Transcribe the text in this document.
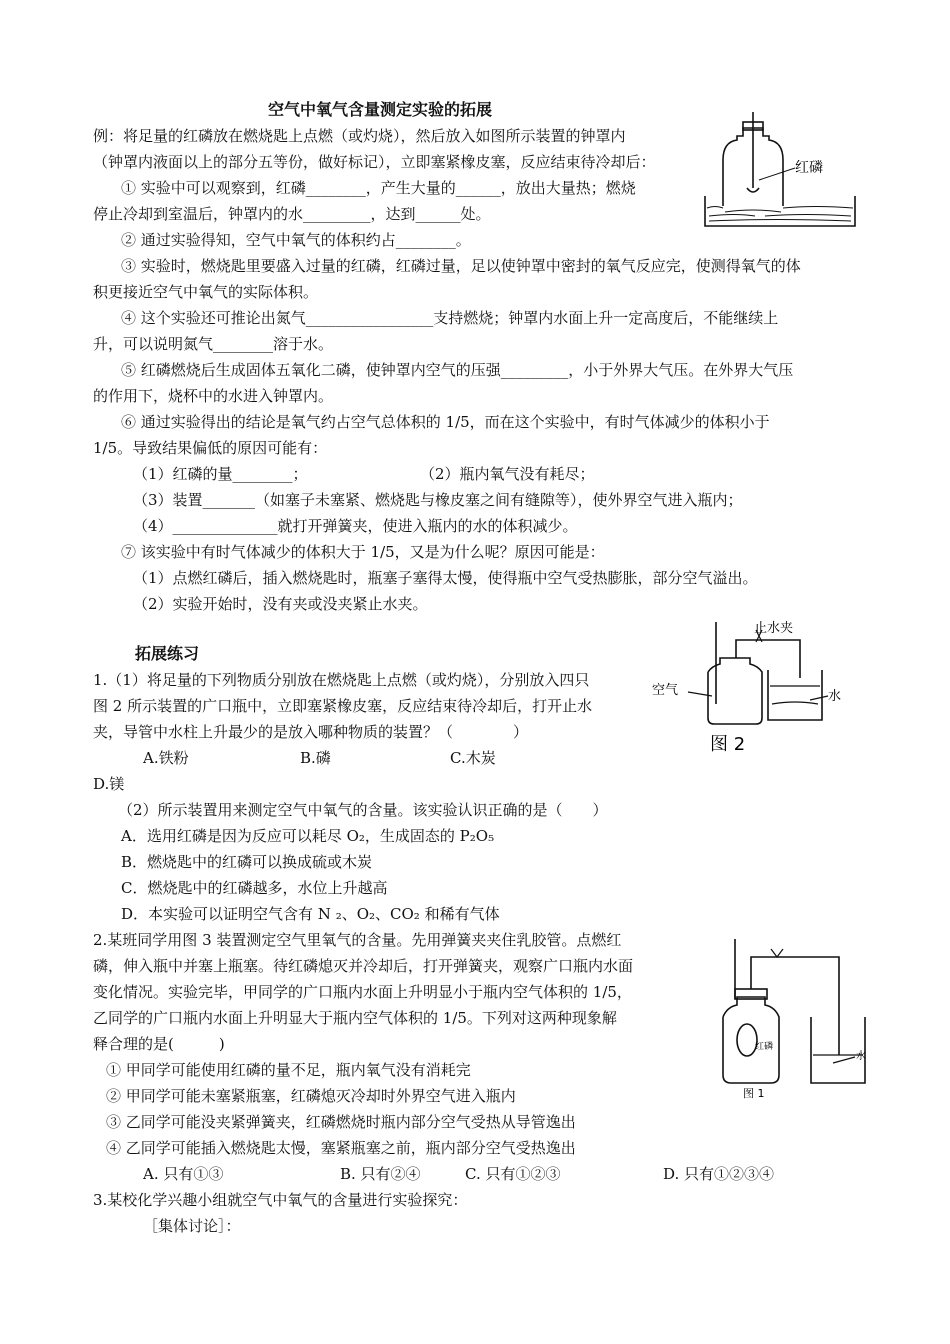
空气中氧气含量测定实验的拓展
例：将足量的红磷放在燃烧匙上点燃（或灼烧），然后放入如图所示装置的钟罩内
（钟罩内液面以上的部分五等份，做好标记），立即塞紧橡皮塞，反应结束待冷却后：
① 实验中可以观察到，红磷________，产生大量的______，放出大量热；燃烧
停止冷却到室温后，钟罩内的水_________，达到______处。
② 通过实验得知，空气中氧气的体积约占________。
③ 实验时，燃烧匙里要盛入过量的红磷，红磷过量，足以使钟罩中密封的氧气反应完，使测得氧气的体
积更接近空气中氧气的实际体积。
④ 这个实验还可推论出氮气_________________支持燃烧；钟罩内水面上升一定高度后，不能继续上
升，可以说明氮气________溶于水。
⑤ 红磷燃烧后生成固体五氧化二磷，使钟罩内空气的压强_________，小于外界大气压。在外界大气压
的作用下，烧杯中的水进入钟罩内。
⑥ 通过实验得出的结论是氧气约占空气总体积的 1/5，而在这个实验中，有时气体减少的体积小于
1/5。导致结果偏低的原因可能有：
（1）红磷的量________；	（2）瓶内氧气没有耗尽；
（3）装置_______（如塞子未塞紧、燃烧匙与橡皮塞之间有缝隙等），使外界空气进入瓶内；
（4）______________就打开弹簧夹，使进入瓶内的水的体积减少。
⑦ 该实验中有时气体减少的体积大于 1/5，又是为什么呢？原因可能是：
（1）点燃红磷后，插入燃烧匙时，瓶塞子塞得太慢，使得瓶中空气受热膨胀，部分空气溢出。
（2）实验开始时，没有夹或没夹紧止水夹。
拓展练习
1.（1）将足量的下列物质分别放在燃烧匙上点燃（或灼烧），分别放入四只
图 2 所示装置的广口瓶中，立即塞紧橡皮塞，反应结束待冷却后，打开止水
夹，导管中水柱上升最少的是放入哪种物质的装置？（　　　　）
A.铁粉	B.磷	C.木炭
D.镁
（2）所示装置用来测定空气中氧气的含量。该实验认识正确的是（　　）
A．选用红磷是因为反应可以耗尽 O₂，生成固态的 P₂O₅
B．燃烧匙中的红磷可以换成硫或木炭
C．燃烧匙中的红磷越多，水位上升越高
D．本实验可以证明空气含有 N ₂、O₂、CO₂ 和稀有气体
2.某班同学用图 3 装置测定空气里氧气的含量。先用弹簧夹夹住乳胶管。点燃红
磷，伸入瓶中并塞上瓶塞。待红磷熄灭并冷却后，打开弹簧夹，观察广口瓶内水面
变化情况。实验完毕，甲同学的广口瓶内水面上升明显小于瓶内空气体积的 1/5，
乙同学的广口瓶内水面上升明显大于瓶内空气体积的 1/5。下列对这两种现象解
释合理的是(　　　)
① 甲同学可能使用红磷的量不足，瓶内氧气没有消耗完
② 甲同学可能未塞紧瓶塞，红磷熄灭冷却时外界空气进入瓶内
③ 乙同学可能没夹紧弹簧夹，红磷燃烧时瓶内部分空气受热从导管逸出
④ 乙同学可能插入燃烧匙太慢，塞紧瓶塞之前，瓶内部分空气受热逸出
A. 只有①③	B. 只有②④	C. 只有①②③	D. 只有①②③④
3.某校化学兴趣小组就空气中氧气的含量进行实验探究：
［集体讨论］：
红磷
止水夹
空气	水
图 2
红磷
水
图 1
